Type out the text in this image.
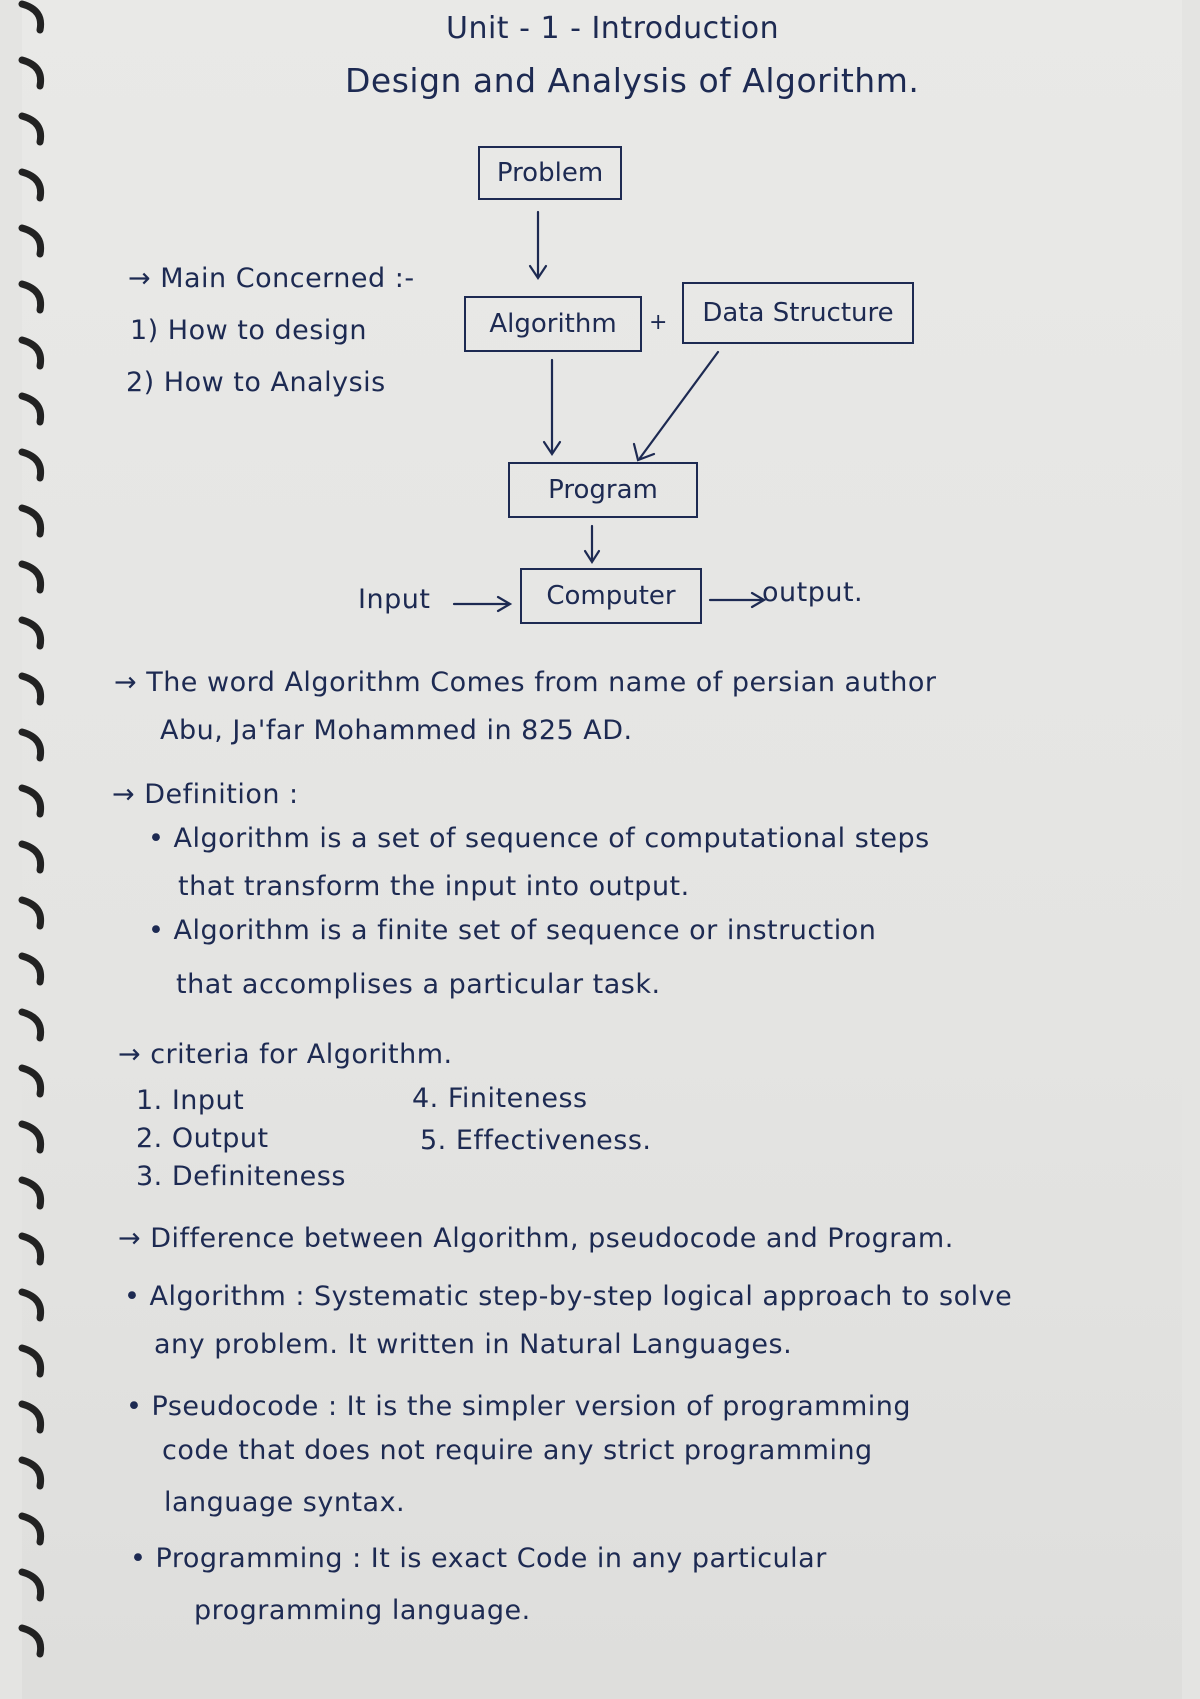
Unit - 1 - Introduction
Design and Analysis of Algorithm.
Problem
Algorithm	+	Data Structure
Program
Computer
Input	output.
→ Main Concerned :-
1) How to design
2) How to Analysis
→ The word Algorithm Comes from name of persian author
Abu, Ja'far Mohammed in 825 AD.
→ Definition :
• Algorithm is a set of sequence of computational steps
that transform the input into output.
• Algorithm is a finite set of sequence or instruction
that accomplises a particular task.
→ criteria for Algorithm.
1. Input
2. Output
3. Definiteness
4. Finiteness
5. Effectiveness.
→ Difference between Algorithm, pseudocode and Program.
• Algorithm : Systematic step-by-step logical approach to solve
any problem. It written in Natural Languages.
• Pseudocode : It is the simpler version of programming
code that does not require any strict programming
language syntax.
• Programming : It is exact Code in any particular
programming language.
